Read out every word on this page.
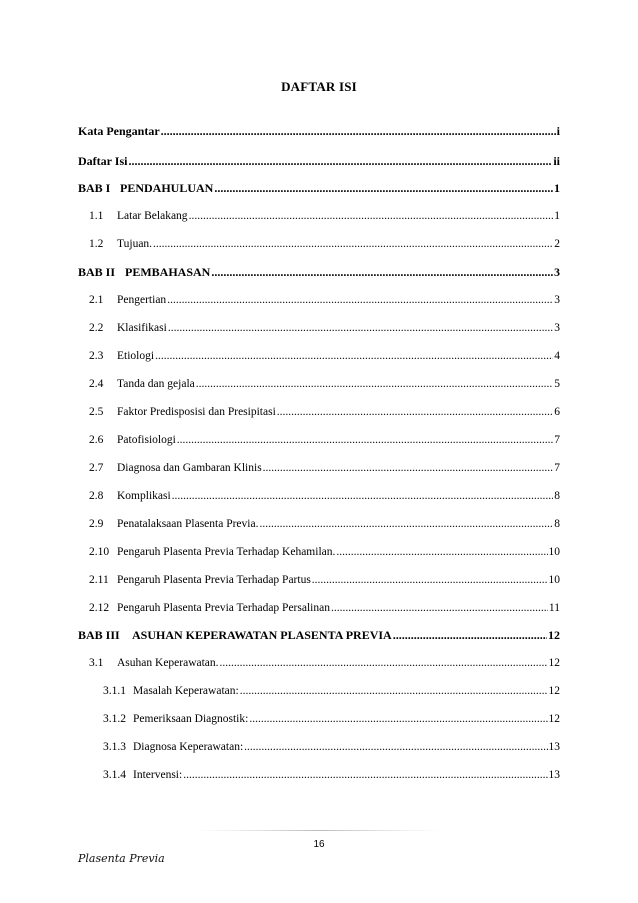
DAFTAR ISI
Kata Pengantar .....	i
Daftar Isi .....	ii
BAB I PENDAHULUAN .....	1
1.1	Latar Belakang .....	1
1.2	Tujuan. .....	2
BAB II PEMBAHASAN .....	3
2.1	Pengertian .....	3
2.2	Klasifikasi .....	3
2.3	Etiologi .....	4
2.4	Tanda dan gejala .....	5
2.5	Faktor Predisposisi dan Presipitasi .....	6
2.6	Patofisiologi .....	7
2.7	Diagnosa dan Gambaran Klinis .....	7
2.8	Komplikasi .....	8
2.9	Penatalaksaan Plasenta Previa. .....	8
2.10 Pengaruh Plasenta Previa Terhadap Kehamilan. .....	10
2.11 Pengaruh Plasenta Previa Terhadap Partus .....	10
2.12 Pengaruh Plasenta Previa Terhadap Persalinan .....	11
BAB III	ASUHAN KEPERAWATAN PLASENTA PREVIA .....	12
3.1	Asuhan Keperawatan. .....	12
3.1.1 Masalah Keperawatan: .....	12
3.1.2 Pemeriksaan Diagnostik: .....	12
3.1.3 Diagnosa Keperawatan: .....	13
3.1.4 Intervensi: .....	13
16
Plasenta Previa
